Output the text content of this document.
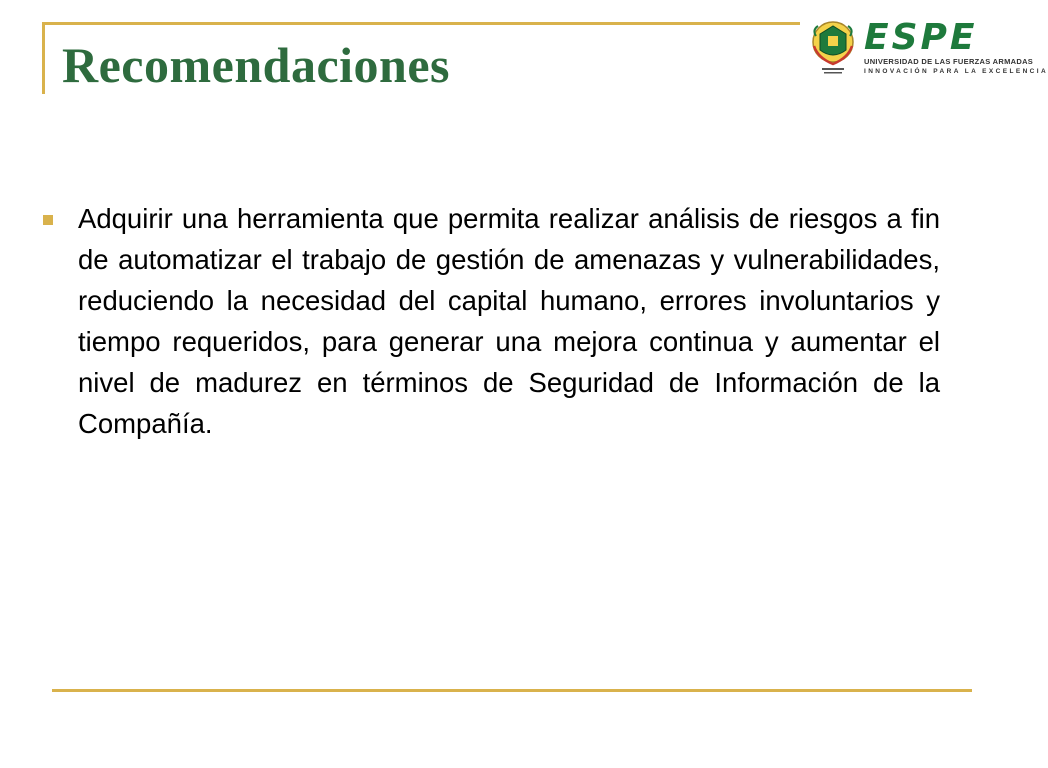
Recomendaciones	ESPE
UNIVERSIDAD DE LAS FUERZAS ARMADAS
INNOVACIÓN PARA LA EXCELENCIA

Adquirir una herramienta que permita realizar análisis de riesgos a fin de automatizar el trabajo de gestión de amenazas y vulnerabilidades, reduciendo la necesidad del capital humano, errores involuntarios y tiempo requeridos, para generar una mejora continua y aumentar el nivel de madurez en términos de Seguridad de Información de la Compañía.
